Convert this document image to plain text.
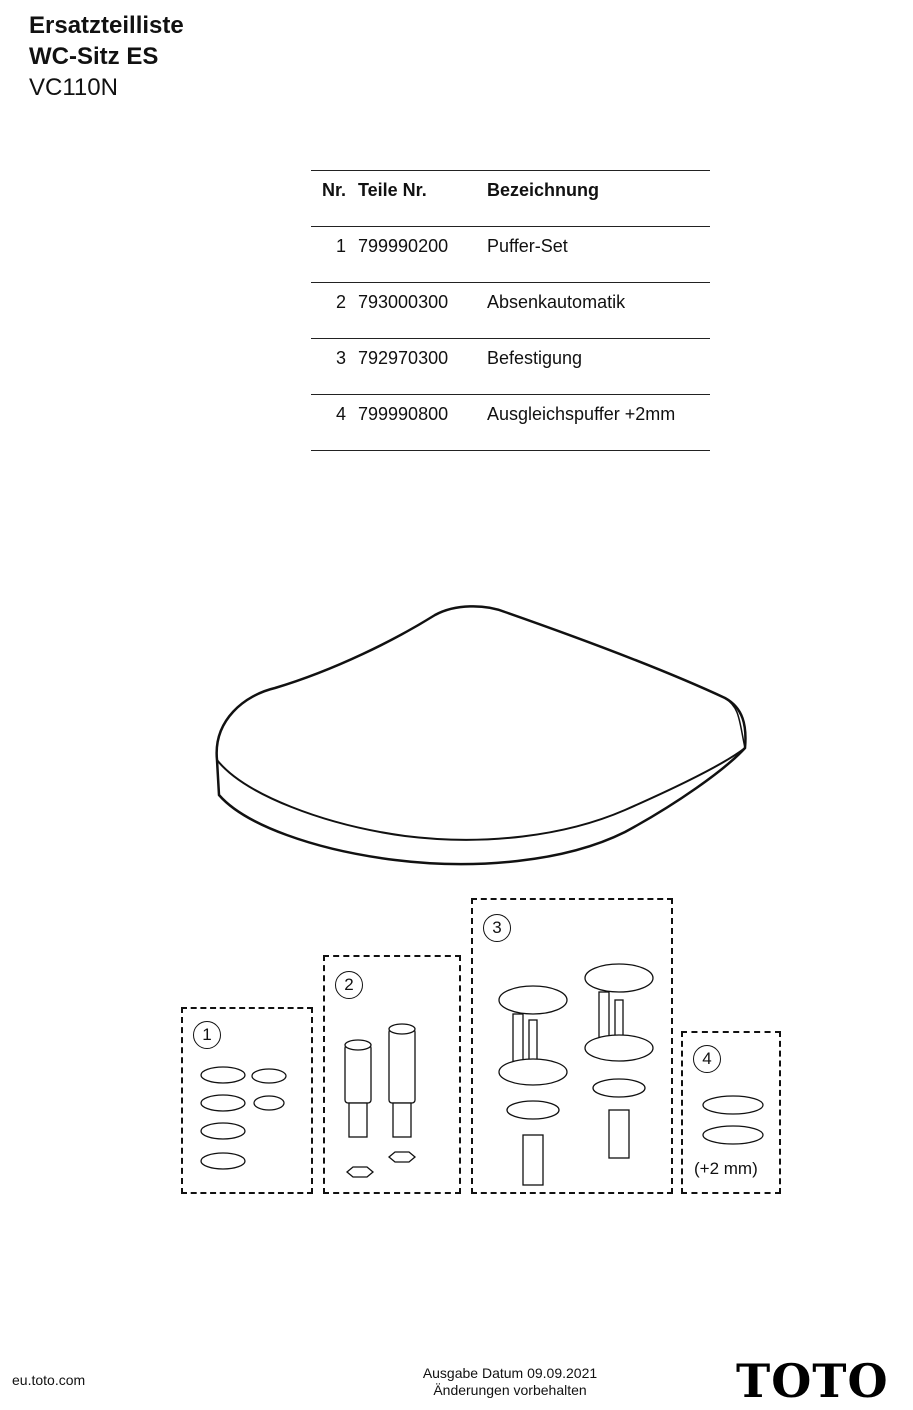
Ersatzteilliste
WC-Sitz ES
VC110N
Nr.	Teile Nr.	Bezeichnung
1	799990200	Puffer-Set
2	793000300	Absenkautomatik
3	792970300	Befestigung
4	799990800	Ausgleichspuffer +2mm
1
2
3
4
(+2 mm)
eu.toto.com	Ausgabe Datum 09.09.2021
Änderungen vorbehalten	TOTO
